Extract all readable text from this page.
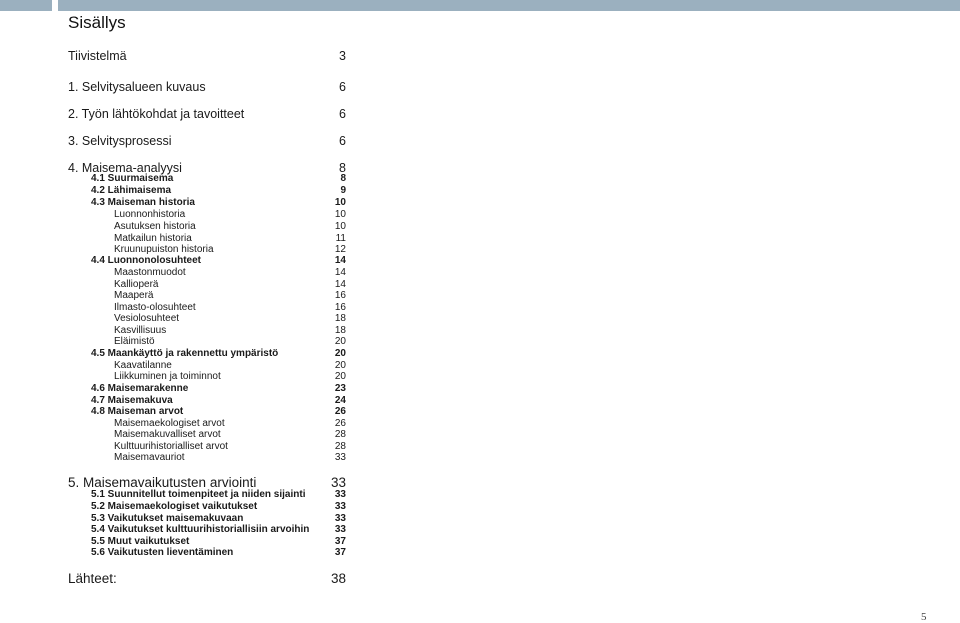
Sisällys
Tiivistelmä	3
1. Selvitysalueen kuvaus	6
2. Työn lähtökohdat ja tavoitteet	6
3. Selvitysprosessi	6
4. Maisema-analyysi	8
4.1 Suurmaisema	8
4.2 Lähimaisema	9
4.3 Maiseman historia	10
Luonnonhistoria	10
Asutuksen historia	10
Matkailun historia	11
Kruunupuiston historia	12
4.4 Luonnonolosuhteet	14
Maastonmuodot	14
Kallioperä	14
Maaperä	16
Ilmasto-olosuhteet	16
Vesiolosuhteet	18
Kasvillisuus	18
Eläimistö	20
4.5 Maankäyttö ja rakennettu ympäristö	20
Kaavatilanne	20
Liikkuminen ja toiminnot	20
4.6 Maisemarakenne	23
4.7 Maisemakuva	24
4.8 Maiseman arvot	26
Maisemaekologiset arvot	26
Maisemakuvalliset arvot	28
Kulttuurihistorialliset arvot	28
Maisemavauriot	33
5. Maisemavaikutusten arviointi	33
5.1 Suunnitellut toimenpiteet ja niiden sijainti	33
5.2 Maisemaekologiset vaikutukset	33
5.3 Vaikutukset maisemakuvaan	33
5.4 Vaikutukset kulttuurihistoriallisiin arvoihin	33
5.5 Muut vaikutukset	37
5.6 Vaikutusten lieventäminen	37
Lähteet:	38
5
